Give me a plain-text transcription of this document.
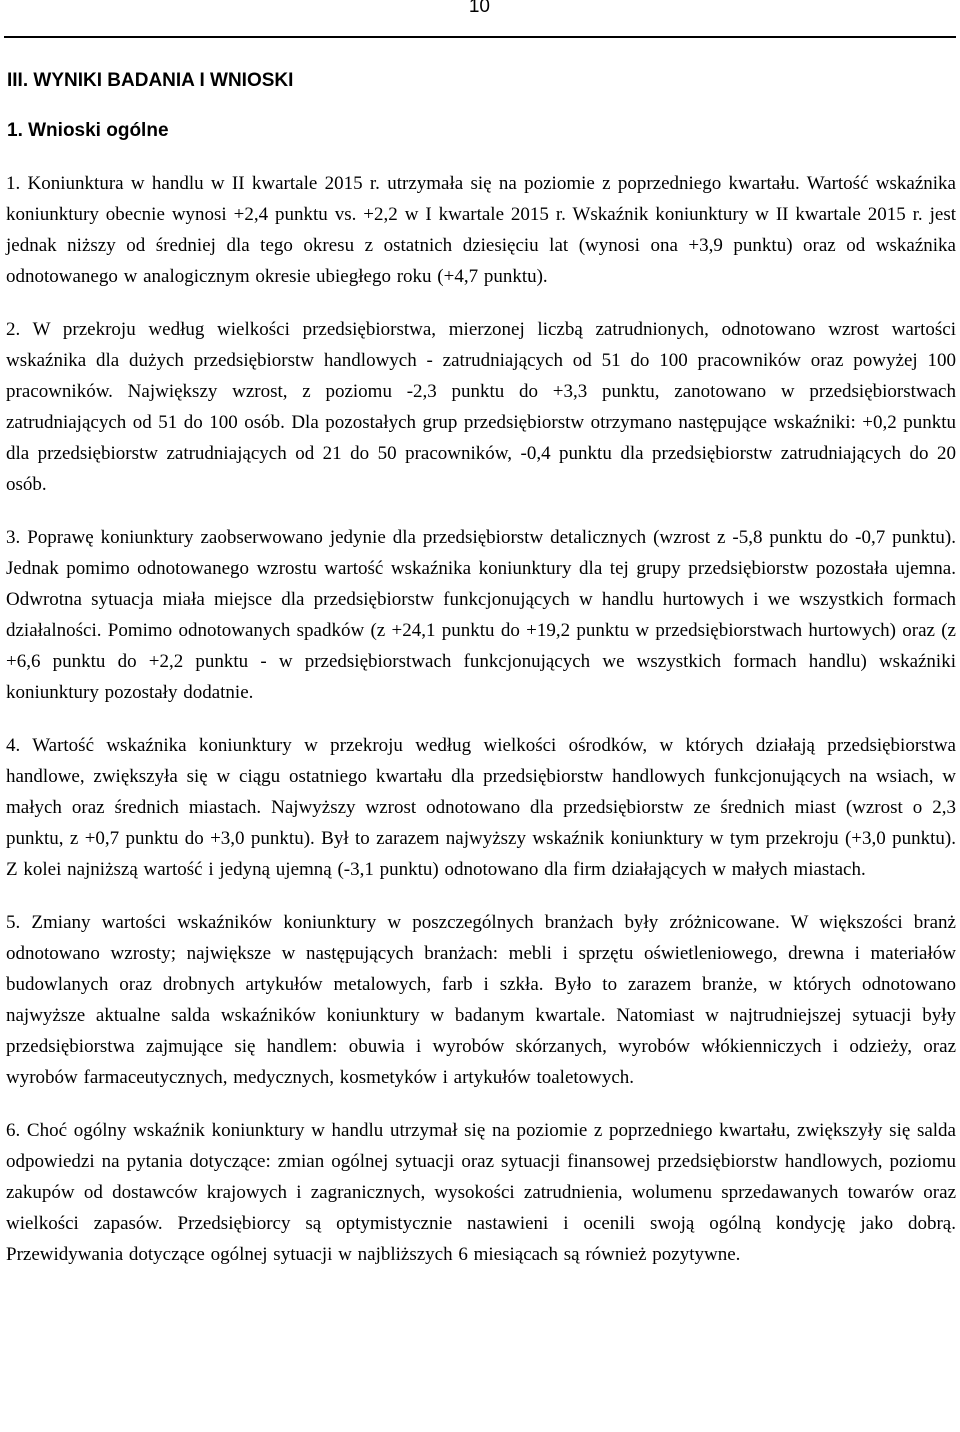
10
III. WYNIKI BADANIA I WNIOSKI
1. Wnioski ogólne

1. Koniunktura w handlu w II kwartale 2015 r. utrzymała się na poziomie z poprzedniego kwartału. Wartość wskaźnika koniunktury obecnie wynosi +2,4 punktu vs. +2,2 w I kwartale 2015 r. Wskaźnik koniunktury w II kwartale 2015 r. jest jednak niższy od średniej dla tego okresu z ostatnich dziesięciu lat (wynosi ona +3,9 punktu) oraz od wskaźnika odnotowanego w analogicznym okresie ubiegłego roku (+4,7 punktu).

2. W przekroju według wielkości przedsiębiorstwa, mierzonej liczbą zatrudnionych, odnotowano wzrost wartości wskaźnika dla dużych przedsiębiorstw handlowych - zatrudniających od 51 do 100 pracowników oraz powyżej 100 pracowników. Największy wzrost, z poziomu -2,3 punktu do +3,3 punktu, zanotowano w przedsiębiorstwach zatrudniających od 51 do 100 osób. Dla pozostałych grup przedsiębiorstw otrzymano następujące wskaźniki: +0,2 punktu dla przedsiębiorstw zatrudniających od 21 do 50 pracowników, -0,4 punktu dla przedsiębiorstw zatrudniających do 20 osób.

3. Poprawę koniunktury zaobserwowano jedynie dla przedsiębiorstw detalicznych (wzrost z -5,8 punktu do -0,7 punktu). Jednak pomimo odnotowanego wzrostu wartość wskaźnika koniunktury dla tej grupy przedsiębiorstw pozostała ujemna. Odwrotna sytuacja miała miejsce dla przedsiębiorstw funkcjonujących w handlu hurtowych i we wszystkich formach działalności. Pomimo odnotowanych spadków (z +24,1 punktu do +19,2 punktu w przedsiębiorstwach hurtowych) oraz (z +6,6 punktu do +2,2 punktu - w przedsiębiorstwach funkcjonujących we wszystkich formach handlu) wskaźniki koniunktury pozostały dodatnie.

4. Wartość wskaźnika koniunktury w przekroju według wielkości ośrodków, w których działają przedsiębiorstwa handlowe, zwiększyła się w ciągu ostatniego kwartału dla przedsiębiorstw handlowych funkcjonujących na wsiach, w małych oraz średnich miastach. Najwyższy wzrost odnotowano dla przedsiębiorstw ze średnich miast (wzrost o 2,3 punktu, z +0,7 punktu do +3,0 punktu). Był to zarazem najwyższy wskaźnik koniunktury w tym przekroju (+3,0 punktu). Z kolei najniższą wartość i jedyną ujemną (-3,1 punktu) odnotowano dla firm działających w małych miastach.

5. Zmiany wartości wskaźników koniunktury w poszczególnych branżach były zróżnicowane. W większości branż odnotowano wzrosty; największe w następujących branżach: mebli i sprzętu oświetleniowego, drewna i materiałów budowlanych oraz drobnych artykułów metalowych, farb i szkła. Było to zarazem branże, w których odnotowano najwyższe aktualne salda wskaźników koniunktury w badanym kwartale. Natomiast w najtrudniejszej sytuacji były przedsiębiorstwa zajmujące się handlem: obuwia i wyrobów skórzanych, wyrobów włókienniczych i odzieży, oraz wyrobów farmaceutycznych, medycznych, kosmetyków i artykułów toaletowych.

6. Choć ogólny wskaźnik koniunktury w handlu utrzymał się na poziomie z poprzedniego kwartału, zwiększyły się salda odpowiedzi na pytania dotyczące: zmian ogólnej sytuacji oraz sytuacji finansowej przedsiębiorstw handlowych, poziomu zakupów od dostawców krajowych i zagranicznych, wysokości zatrudnienia, wolumenu sprzedawanych towarów oraz wielkości zapasów. Przedsiębiorcy są optymistycznie nastawieni i ocenili swoją ogólną kondycję jako dobrą. Przewidywania dotyczące ogólnej sytuacji w najbliższych 6 miesiącach są również pozytywne.
